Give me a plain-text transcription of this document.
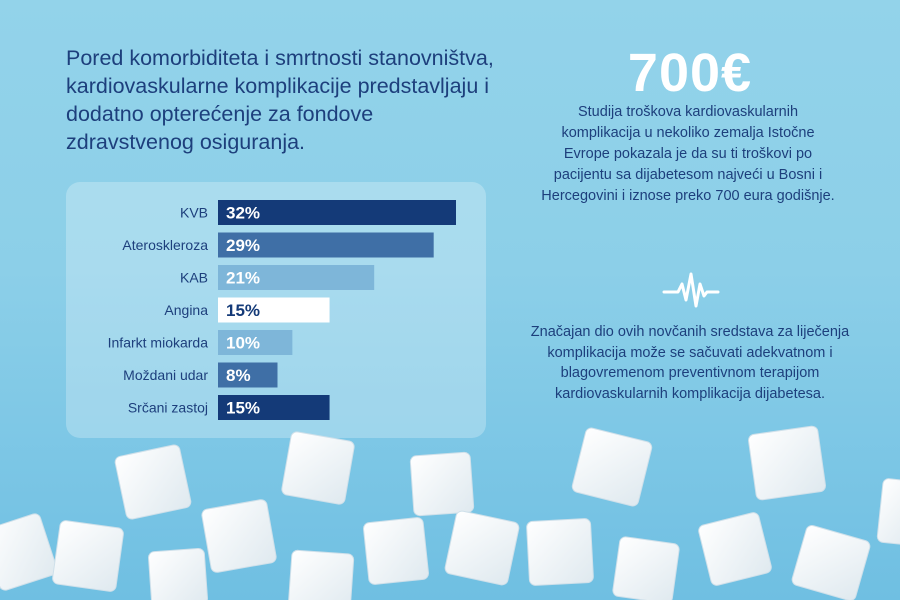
Pored komorbiditeta i smrtnosti stanovništva, kardiovaskularne komplikacije predstavljaju i dodatno opterećenje za fondove zdravstvenog osiguranja.
KVB 32%
Ateroskleroza 29%
KAB 21%
Angina 15%
Infarkt miokarda 10%
Moždani udar 8%
Srčani zastoj 15%
700€
Studija troškova kardiovaskularnih komplikacija u nekoliko zemalja Istočne Evrope pokazala je da su ti troškovi po pacijentu sa dijabetesom najveći u Bosni i Hercegovini i iznose preko 700 eura godišnje.
Značajan dio ovih novčanih sredstava za liječenja komplikacija može se sačuvati adekvatnom i blagovremenom preventivnom terapijom kardiovaskularnih komplikacija dijabetesa.
